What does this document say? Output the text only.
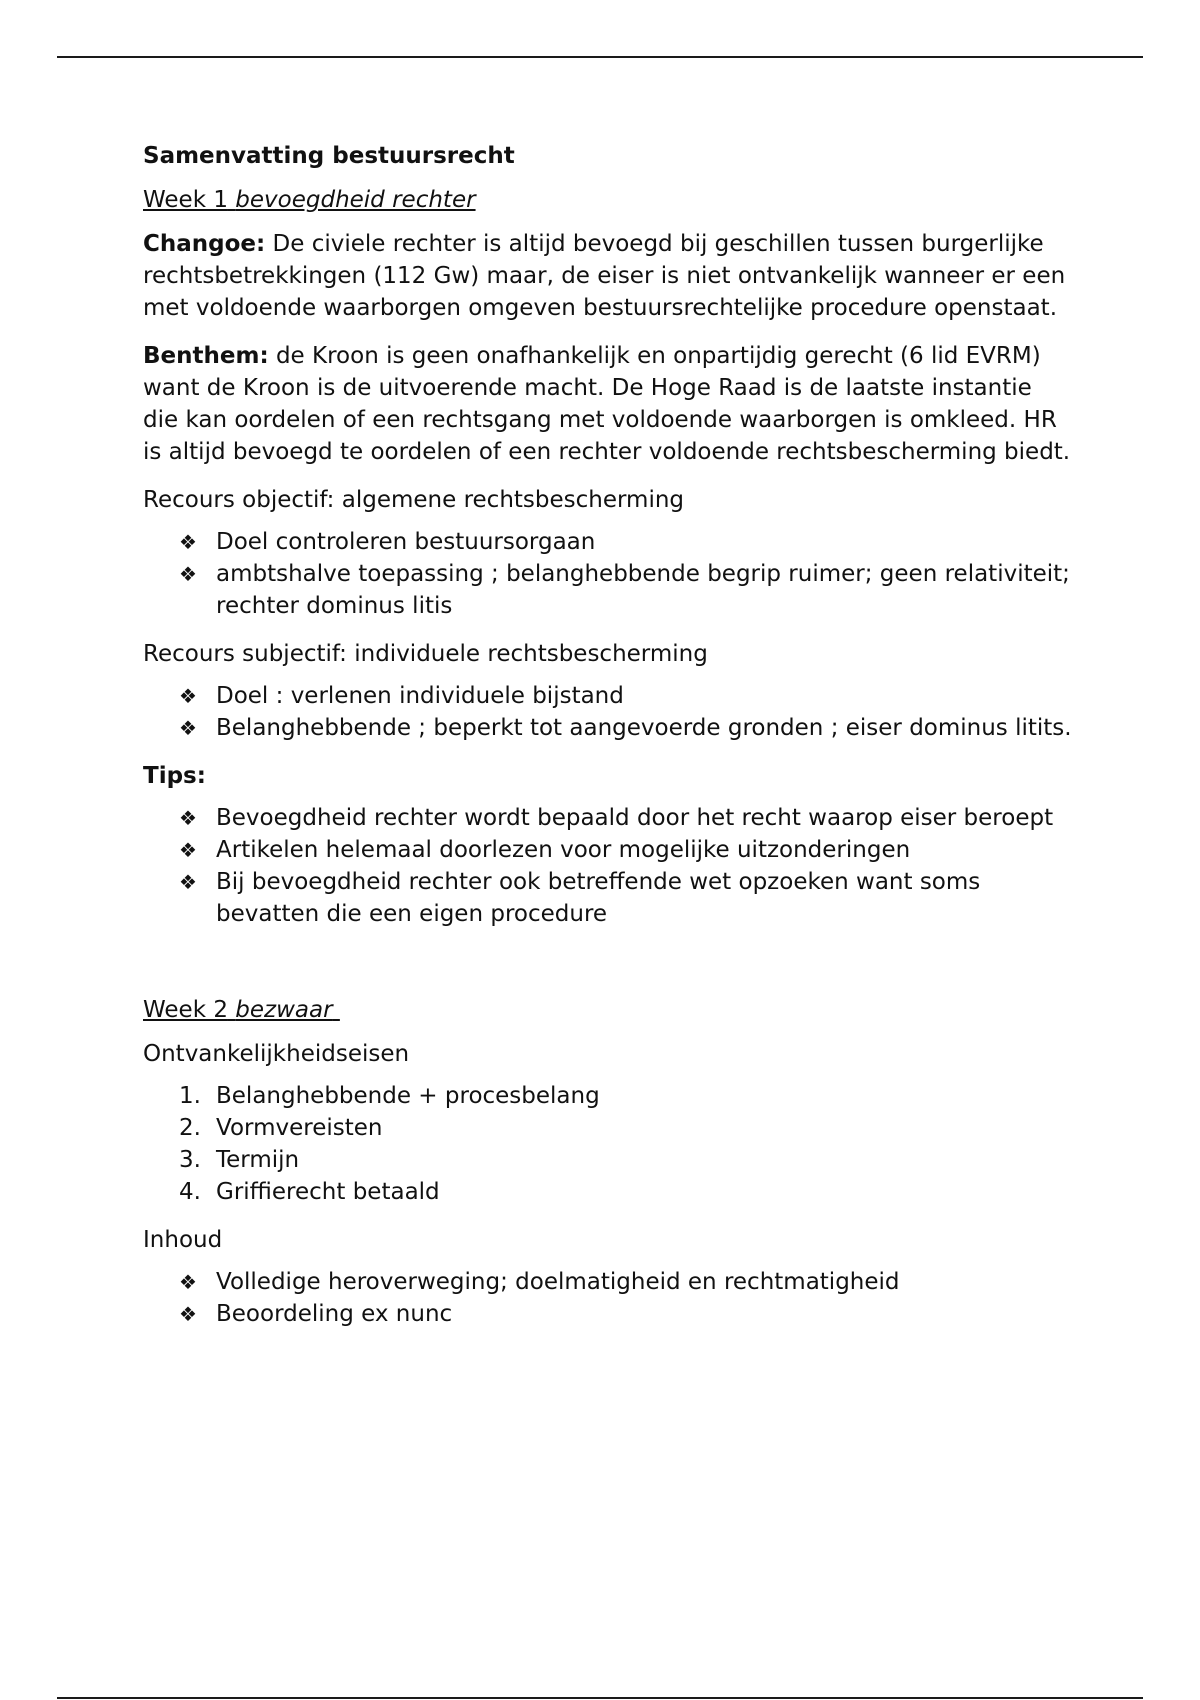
Samenvatting bestuursrecht

Week 1 bevoegdheid rechter

Changoe: De civiele rechter is altijd bevoegd bij geschillen tussen burgerlijke rechtsbetrekkingen (112 Gw) maar, de eiser is niet ontvankelijk wanneer er een met voldoende waarborgen omgeven bestuursrechtelijke procedure openstaat.

Benthem: de Kroon is geen onafhankelijk en onpartijdig gerecht (6 lid EVRM) want de Kroon is de uitvoerende macht. De Hoge Raad is de laatste instantie die kan oordelen of een rechtsgang met voldoende waarborgen is omkleed. HR is altijd bevoegd te oordelen of een rechter voldoende rechtsbescherming biedt.

Recours objectif: algemene rechtsbescherming

❖ Doel controleren bestuursorgaan
❖ ambtshalve toepassing ; belanghebbende begrip ruimer; geen relativiteit; rechter dominus litis

Recours subjectif: individuele rechtsbescherming

❖ Doel : verlenen individuele bijstand
❖ Belanghebbende ; beperkt tot aangevoerde gronden ; eiser dominus litits.

Tips:

❖ Bevoegdheid rechter wordt bepaald door het recht waarop eiser beroept
❖ Artikelen helemaal doorlezen voor mogelijke uitzonderingen
❖ Bij bevoegdheid rechter ook betreffende wet opzoeken want soms bevatten die een eigen procedure

Week 2 bezwaar

Ontvankelijkheidseisen

1. Belanghebbende + procesbelang
2. Vormvereisten
3. Termijn
4. Griffierecht betaald

Inhoud

❖ Volledige heroverweging; doelmatigheid en rechtmatigheid
❖ Beoordeling ex nunc
